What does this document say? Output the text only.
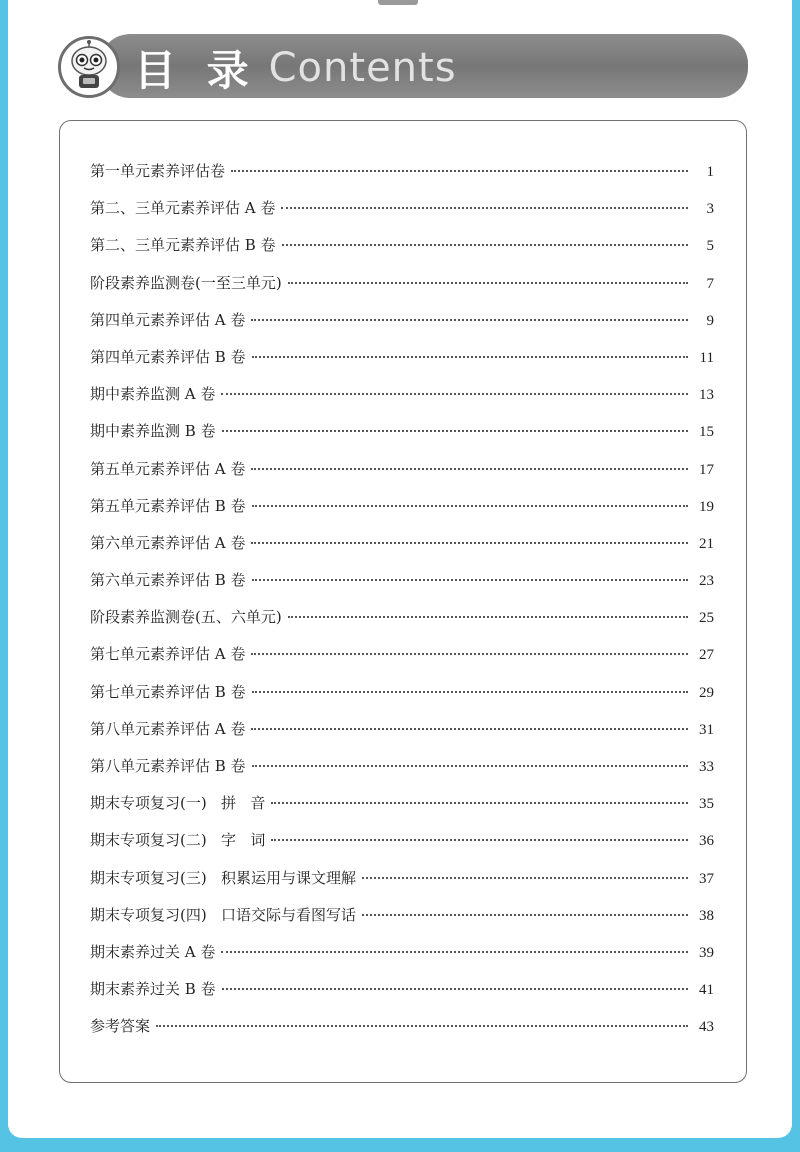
目 录 Contents
第一单元素养评估卷	1
第二、三单元素养评估 A 卷	3
第二、三单元素养评估 B 卷	5
阶段素养监测卷(一至三单元)	7
第四单元素养评估 A 卷	9
第四单元素养评估 B 卷	11
期中素养监测 A 卷	13
期中素养监测 B 卷	15
第五单元素养评估 A 卷	17
第五单元素养评估 B 卷	19
第六单元素养评估 A 卷	21
第六单元素养评估 B 卷	23
阶段素养监测卷(五、六单元)	25
第七单元素养评估 A 卷	27
第七单元素养评估 B 卷	29
第八单元素养评估 A 卷	31
第八单元素养评估 B 卷	33
期末专项复习(一)   拼   音	35
期末专项复习(二)   字   词	36
期末专项复习(三)   积累运用与课文理解	37
期末专项复习(四)   口语交际与看图写话	38
期末素养过关 A 卷	39
期末素养过关 B 卷	41
参考答案	43
